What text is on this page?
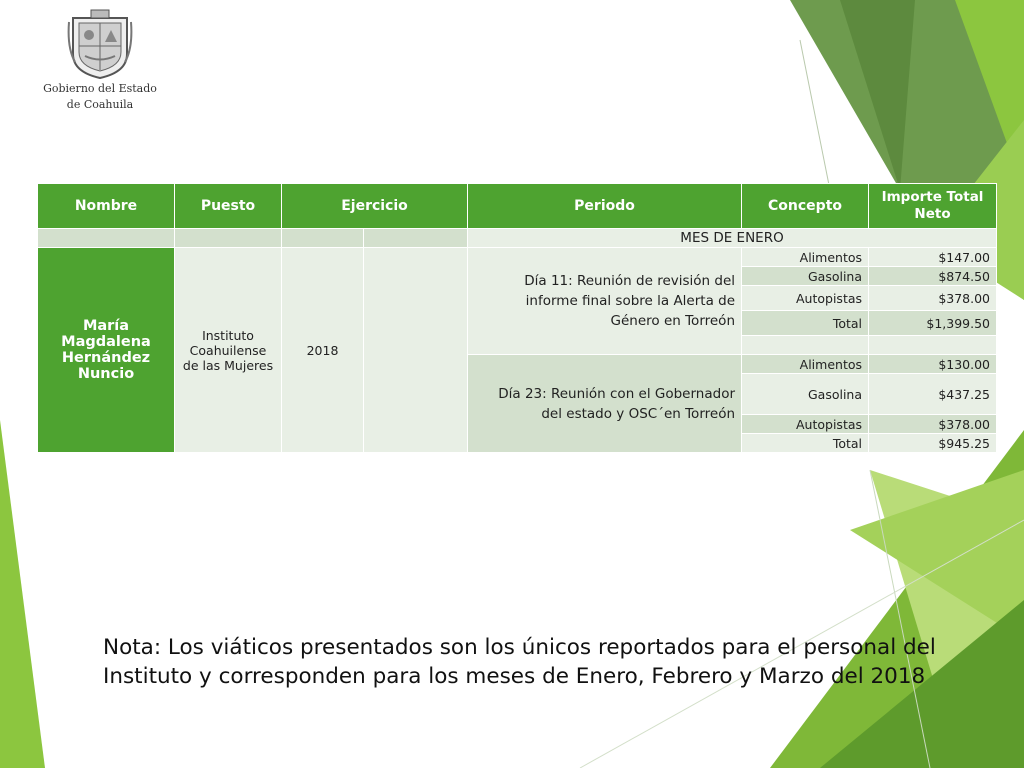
Gobierno del Estado
de Coahuila
Nombre	Puesto	Ejercicio		Periodo	Concepto	Importe Total Neto
				MES DE ENERO		
María Magdalena Hernández Nuncio	Instituto Coahuilense de las Mujeres	2018		Día 11: Reunión de revisión del informe final sobre la Alerta de Género en Torreón	Alimentos	$147.00
					Gasolina	$874.50
					Autopistas	$378.00
					Total	$1,399.50

				Día 23: Reunión con el Gobernador del estado y OSC´en Torreón	Alimentos	$130.00
					Gasolina	$437.25
					Autopistas	$378.00
					Total	$945.25

Nota: Los viáticos presentados son los únicos reportados para el personal del Instituto y corresponden para los meses de Enero, Febrero y Marzo del 2018
